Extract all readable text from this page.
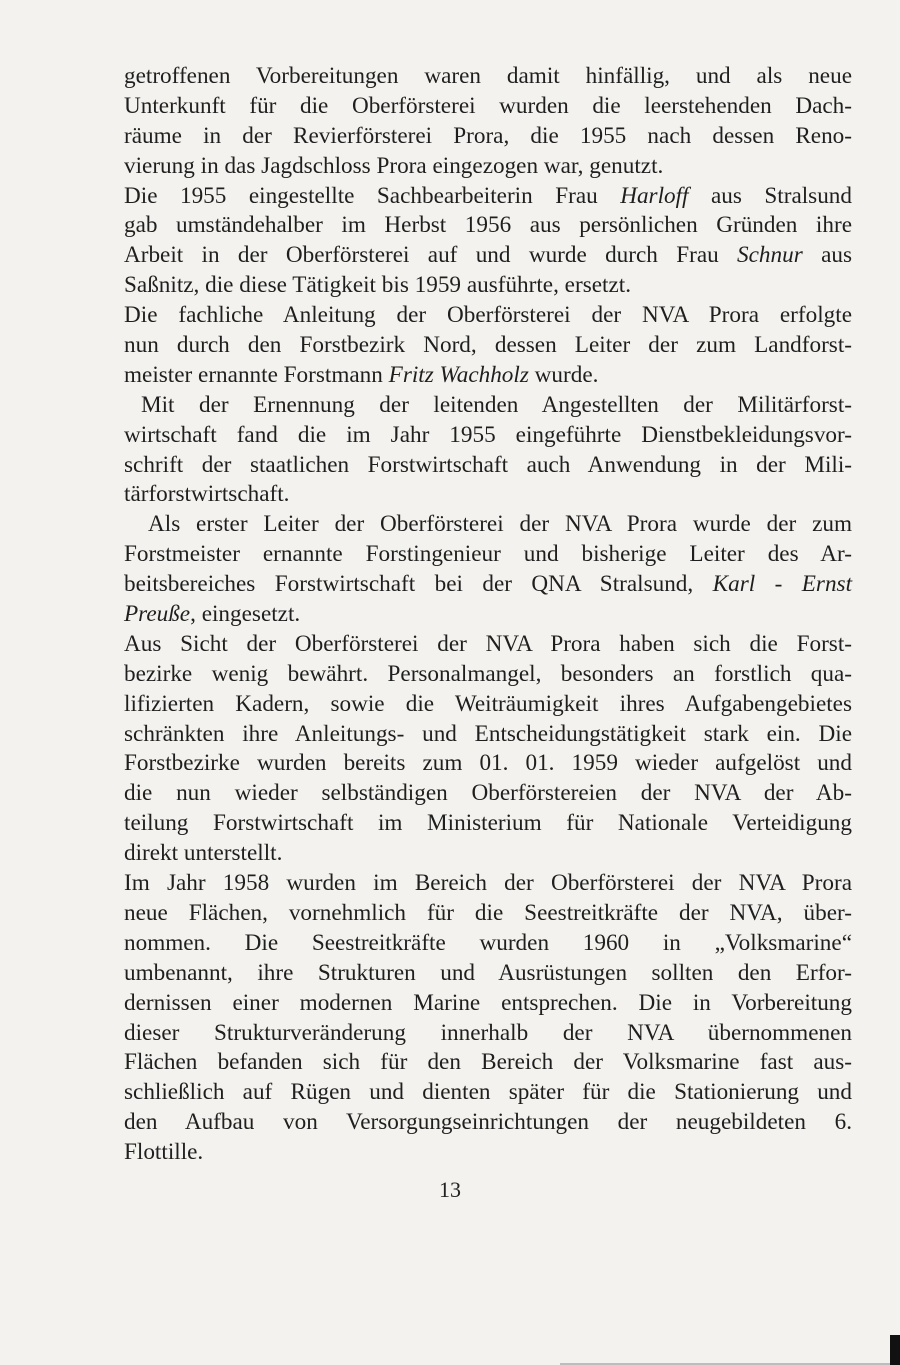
getroffenen Vorbereitungen waren damit hinfällig, und als neue
Unterkunft für die Oberförsterei wurden die leerstehenden Dach-
räume in der Revierförsterei Prora, die 1955 nach dessen Reno-
vierung in das Jagdschloss Prora eingezogen war, genutzt.
Die 1955 eingestellte Sachbearbeiterin Frau Harloff aus Stralsund
gab umständehalber im Herbst 1956 aus persönlichen Gründen ihre
Arbeit in der Oberförsterei auf und wurde durch Frau Schnur aus
Saßnitz, die diese Tätigkeit bis 1959 ausführte, ersetzt.
Die fachliche Anleitung der Oberförsterei der NVA Prora erfolgte
nun durch den Forstbezirk Nord, dessen Leiter der zum Landforst-
meister ernannte Forstmann Fritz Wachholz wurde.
Mit der Ernennung der leitenden Angestellten der Militärforst-
wirtschaft fand die im Jahr 1955 eingeführte Dienstbekleidungsvor-
schrift der staatlichen Forstwirtschaft auch Anwendung in der Mili-
tärforstwirtschaft.
Als erster Leiter der Oberförsterei der NVA Prora wurde der zum
Forstmeister ernannte Forstingenieur und bisherige Leiter des Ar-
beitsbereiches Forstwirtschaft bei der QNA Stralsund, Karl - Ernst
Preuße, eingesetzt.
Aus Sicht der Oberförsterei der NVA Prora haben sich die Forst-
bezirke wenig bewährt. Personalmangel, besonders an forstlich qua-
lifizierten Kadern, sowie die Weiträumigkeit ihres Aufgabengebietes
schränkten ihre Anleitungs- und Entscheidungstätigkeit stark ein. Die
Forstbezirke wurden bereits zum 01. 01. 1959 wieder aufgelöst und
die nun wieder selbständigen Oberförstereien der NVA der Ab-
teilung Forstwirtschaft im Ministerium für Nationale Verteidigung
direkt unterstellt.
Im Jahr 1958 wurden im Bereich der Oberförsterei der NVA Prora
neue Flächen, vornehmlich für die Seestreitkräfte der NVA, über-
nommen. Die Seestreitkräfte wurden 1960 in „Volksmarine“
umbenannt, ihre Strukturen und Ausrüstungen sollten den Erfor-
dernissen einer modernen Marine entsprechen. Die in Vorbereitung
dieser Strukturveränderung innerhalb der NVA übernommenen
Flächen befanden sich für den Bereich der Volksmarine fast aus-
schließlich auf Rügen und dienten später für die Stationierung und
den Aufbau von Versorgungseinrichtungen der neugebildeten 6.
Flottille.
13
